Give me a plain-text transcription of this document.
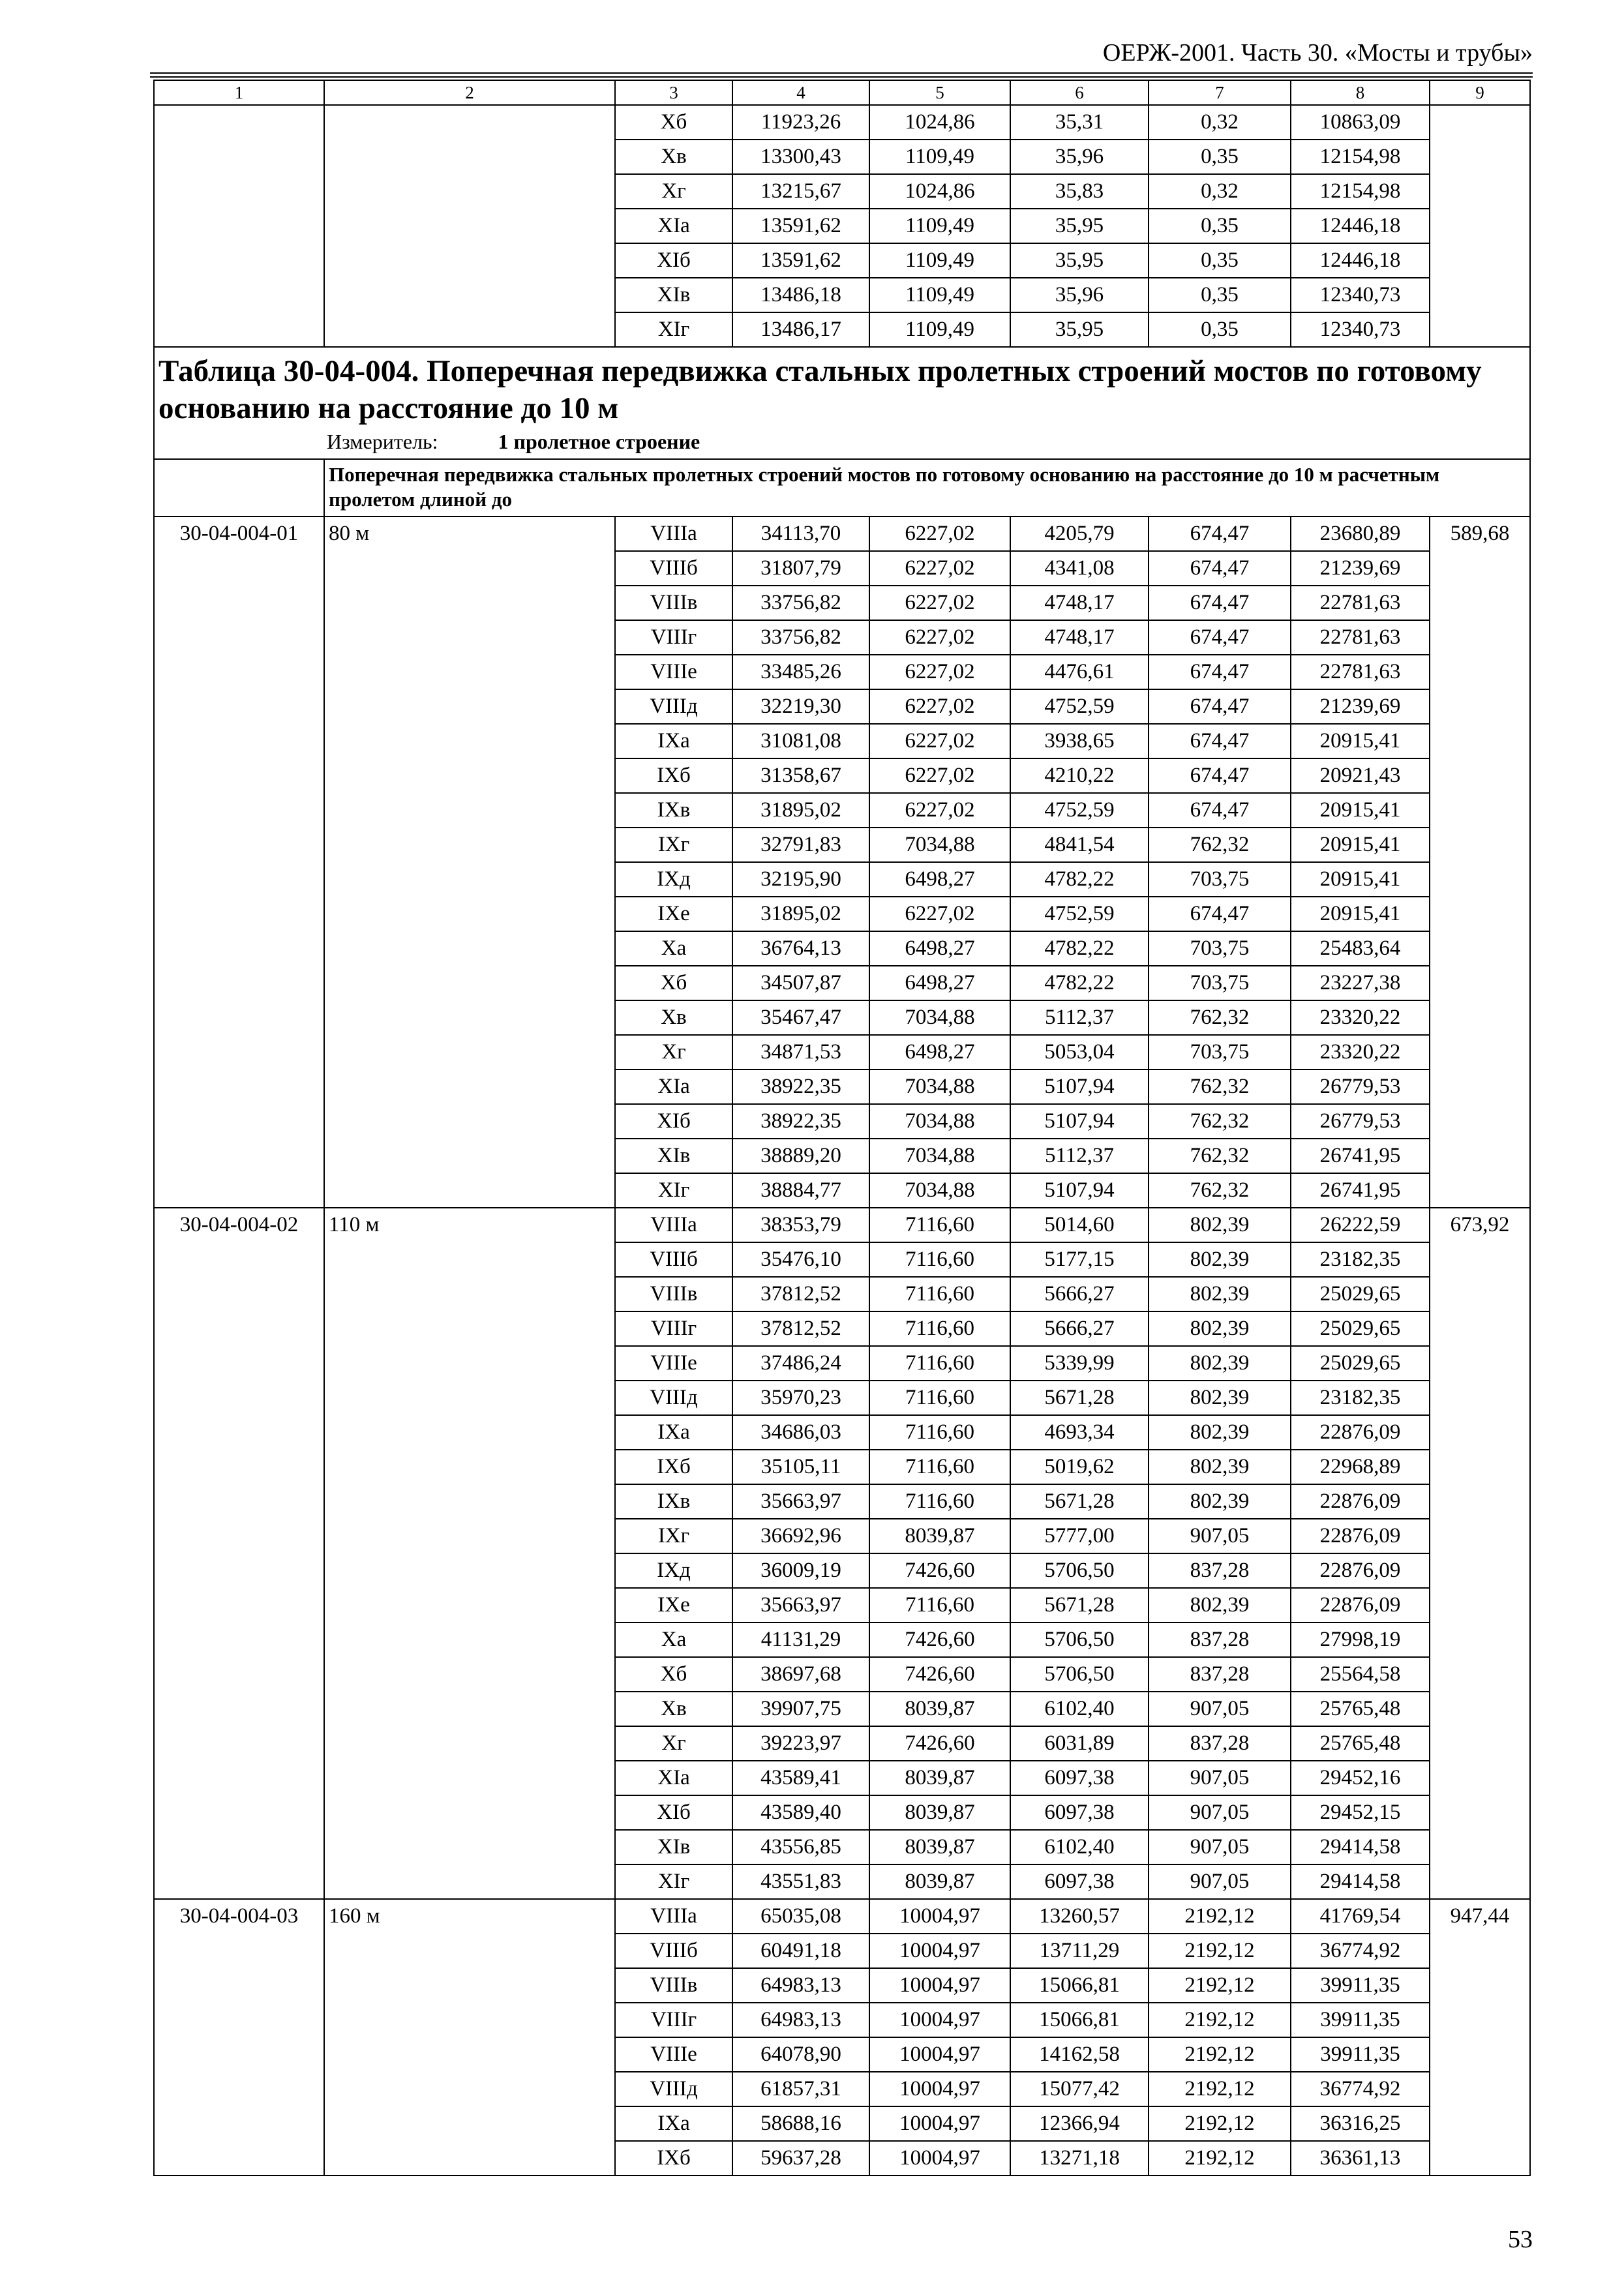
ОЕРЖ-2001. Часть 30. «Мосты и трубы»
1	2	3	4	5	6	7	8	9
		Xб	11923,26	1024,86	35,31	0,32	10863,09	
		Xв	13300,43	1109,49	35,96	0,35	12154,98	
		Xг	13215,67	1024,86	35,83	0,32	12154,98	
		XIа	13591,62	1109,49	35,95	0,35	12446,18	
		XIб	13591,62	1109,49	35,95	0,35	12446,18	
		XIв	13486,18	1109,49	35,96	0,35	12340,73	
		XIг	13486,17	1109,49	35,95	0,35	12340,73	

Таблица 30-04-004. Поперечная передвижка стальных пролетных строений мостов по готовому основанию на расстояние до 10 м
Измеритель: 1 пролетное строение								

	Поперечная передвижка стальных пролетных строений мостов по готовому основанию на расстояние до 10 м расчетным пролетом длиной до							
30-04-004-01	80 м	VIIIа	34113,70	6227,02	4205,79	674,47	23680,89	589,68
		VIIIб	31807,79	6227,02	4341,08	674,47	21239,69	
		VIIIв	33756,82	6227,02	4748,17	674,47	22781,63	
		VIIIг	33756,82	6227,02	4748,17	674,47	22781,63	
		VIIIе	33485,26	6227,02	4476,61	674,47	22781,63	
		VIIIд	32219,30	6227,02	4752,59	674,47	21239,69	
		IXа	31081,08	6227,02	3938,65	674,47	20915,41	
		IXб	31358,67	6227,02	4210,22	674,47	20921,43	
		IXв	31895,02	6227,02	4752,59	674,47	20915,41	
		IXг	32791,83	7034,88	4841,54	762,32	20915,41	
		IXд	32195,90	6498,27	4782,22	703,75	20915,41	
		IXе	31895,02	6227,02	4752,59	674,47	20915,41	
		Xа	36764,13	6498,27	4782,22	703,75	25483,64	
		Xб	34507,87	6498,27	4782,22	703,75	23227,38	
		Xв	35467,47	7034,88	5112,37	762,32	23320,22	
		Xг	34871,53	6498,27	5053,04	703,75	23320,22	
		XIа	38922,35	7034,88	5107,94	762,32	26779,53	
		XIб	38922,35	7034,88	5107,94	762,32	26779,53	
		XIв	38889,20	7034,88	5112,37	762,32	26741,95	
		XIг	38884,77	7034,88	5107,94	762,32	26741,95	
30-04-004-02	110 м	VIIIа	38353,79	7116,60	5014,60	802,39	26222,59	673,92
		VIIIб	35476,10	7116,60	5177,15	802,39	23182,35	
		VIIIв	37812,52	7116,60	5666,27	802,39	25029,65	
		VIIIг	37812,52	7116,60	5666,27	802,39	25029,65	
		VIIIе	37486,24	7116,60	5339,99	802,39	25029,65	
		VIIIд	35970,23	7116,60	5671,28	802,39	23182,35	
		IXа	34686,03	7116,60	4693,34	802,39	22876,09	
		IXб	35105,11	7116,60	5019,62	802,39	22968,89	
		IXв	35663,97	7116,60	5671,28	802,39	22876,09	
		IXг	36692,96	8039,87	5777,00	907,05	22876,09	
		IXд	36009,19	7426,60	5706,50	837,28	22876,09	
		IXе	35663,97	7116,60	5671,28	802,39	22876,09	
		Xа	41131,29	7426,60	5706,50	837,28	27998,19	
		Xб	38697,68	7426,60	5706,50	837,28	25564,58	
		Xв	39907,75	8039,87	6102,40	907,05	25765,48	
		Xг	39223,97	7426,60	6031,89	837,28	25765,48	
		XIа	43589,41	8039,87	6097,38	907,05	29452,16	
		XIб	43589,40	8039,87	6097,38	907,05	29452,15	
		XIв	43556,85	8039,87	6102,40	907,05	29414,58	
		XIг	43551,83	8039,87	6097,38	907,05	29414,58	
30-04-004-03	160 м	VIIIа	65035,08	10004,97	13260,57	2192,12	41769,54	947,44
		VIIIб	60491,18	10004,97	13711,29	2192,12	36774,92	
		VIIIв	64983,13	10004,97	15066,81	2192,12	39911,35	
		VIIIг	64983,13	10004,97	15066,81	2192,12	39911,35	
		VIIIе	64078,90	10004,97	14162,58	2192,12	39911,35	
		VIIIд	61857,31	10004,97	15077,42	2192,12	36774,92	
		IXа	58688,16	10004,97	12366,94	2192,12	36316,25	
		IXб	59637,28	10004,97	13271,18	2192,12	36361,13	
53
